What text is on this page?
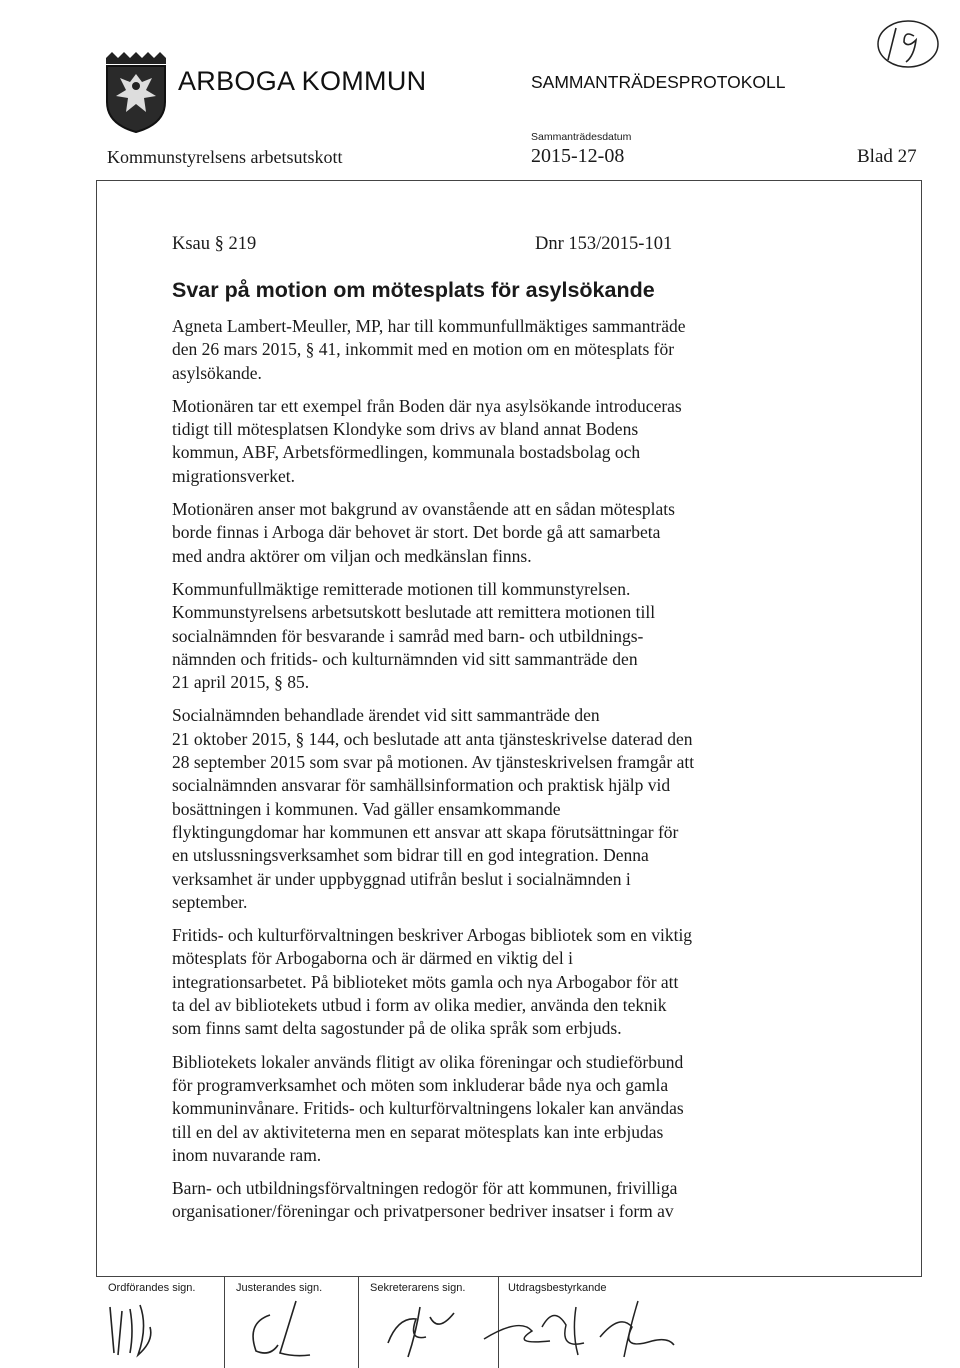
ARBOGA KOMMUN	SAMMANTRÄDESPROTOKOLL
Kommunstyrelsens arbetsutskott
Sammanträdesdatum
2015-12-08	Blad 27
Ksau § 219	Dnr 153/2015-101
Svar på motion om mötesplats för asylsökande

Agneta Lambert-Meuller, MP, har till kommunfullmäktiges sammanträde
den 26 mars 2015, § 41, inkommit med en motion om en mötesplats för
asylsökande.

Motionären tar ett exempel från Boden där nya asylsökande introduceras
tidigt till mötesplatsen Klondyke som drivs av bland annat Bodens
kommun, ABF, Arbetsförmedlingen, kommunala bostadsbolag och
migrationsverket.

Motionären anser mot bakgrund av ovanstående att en sådan mötesplats
borde finnas i Arboga där behovet är stort. Det borde gå att samarbeta
med andra aktörer om viljan och medkänslan finns.

Kommunfullmäktige remitterade motionen till kommunstyrelsen.
Kommunstyrelsens arbetsutskott beslutade att remittera motionen till
socialnämnden för besvarande i samråd med barn- och utbildnings-
nämnden och fritids- och kulturnämnden vid sitt sammanträde den
21 april 2015, § 85.

Socialnämnden behandlade ärendet vid sitt sammanträde den
21 oktober 2015, § 144, och beslutade att anta tjänsteskrivelse daterad den
28 september 2015 som svar på motionen. Av tjänsteskrivelsen framgår att
socialnämnden ansvarar för samhällsinformation och praktisk hjälp vid
bosättningen i kommunen. Vad gäller ensamkommande
flyktingungdomar har kommunen ett ansvar att skapa förutsättningar för
en utslussningsverksamhet som bidrar till en god integration. Denna
verksamhet är under uppbyggnad utifrån beslut i socialnämnden i
september.

Fritids- och kulturförvaltningen beskriver Arbogas bibliotek som en viktig
mötesplats för Arbogaborna och är därmed en viktig del i
integrationsarbetet. På biblioteket möts gamla och nya Arbogabor för att
ta del av bibliotekets utbud i form av olika medier, använda den teknik
som finns samt delta sagostunder på de olika språk som erbjuds.

Bibliotekets lokaler används flitigt av olika föreningar och studieförbund
för programverksamhet och möten som inkluderar både nya och gamla
kommuninvånare. Fritids- och kulturförvaltningens lokaler kan användas
till en del av aktiviteterna men en separat mötesplats kan inte erbjudas
inom nuvarande ram.

Barn- och utbildningsförvaltningen redogör för att kommunen, frivilliga
organisationer/föreningar och privatpersoner bedriver insatser i form av

Ordförandes sign.	Justerandes sign.	Sekreterarens sign.	Utdragsbestyrkande
